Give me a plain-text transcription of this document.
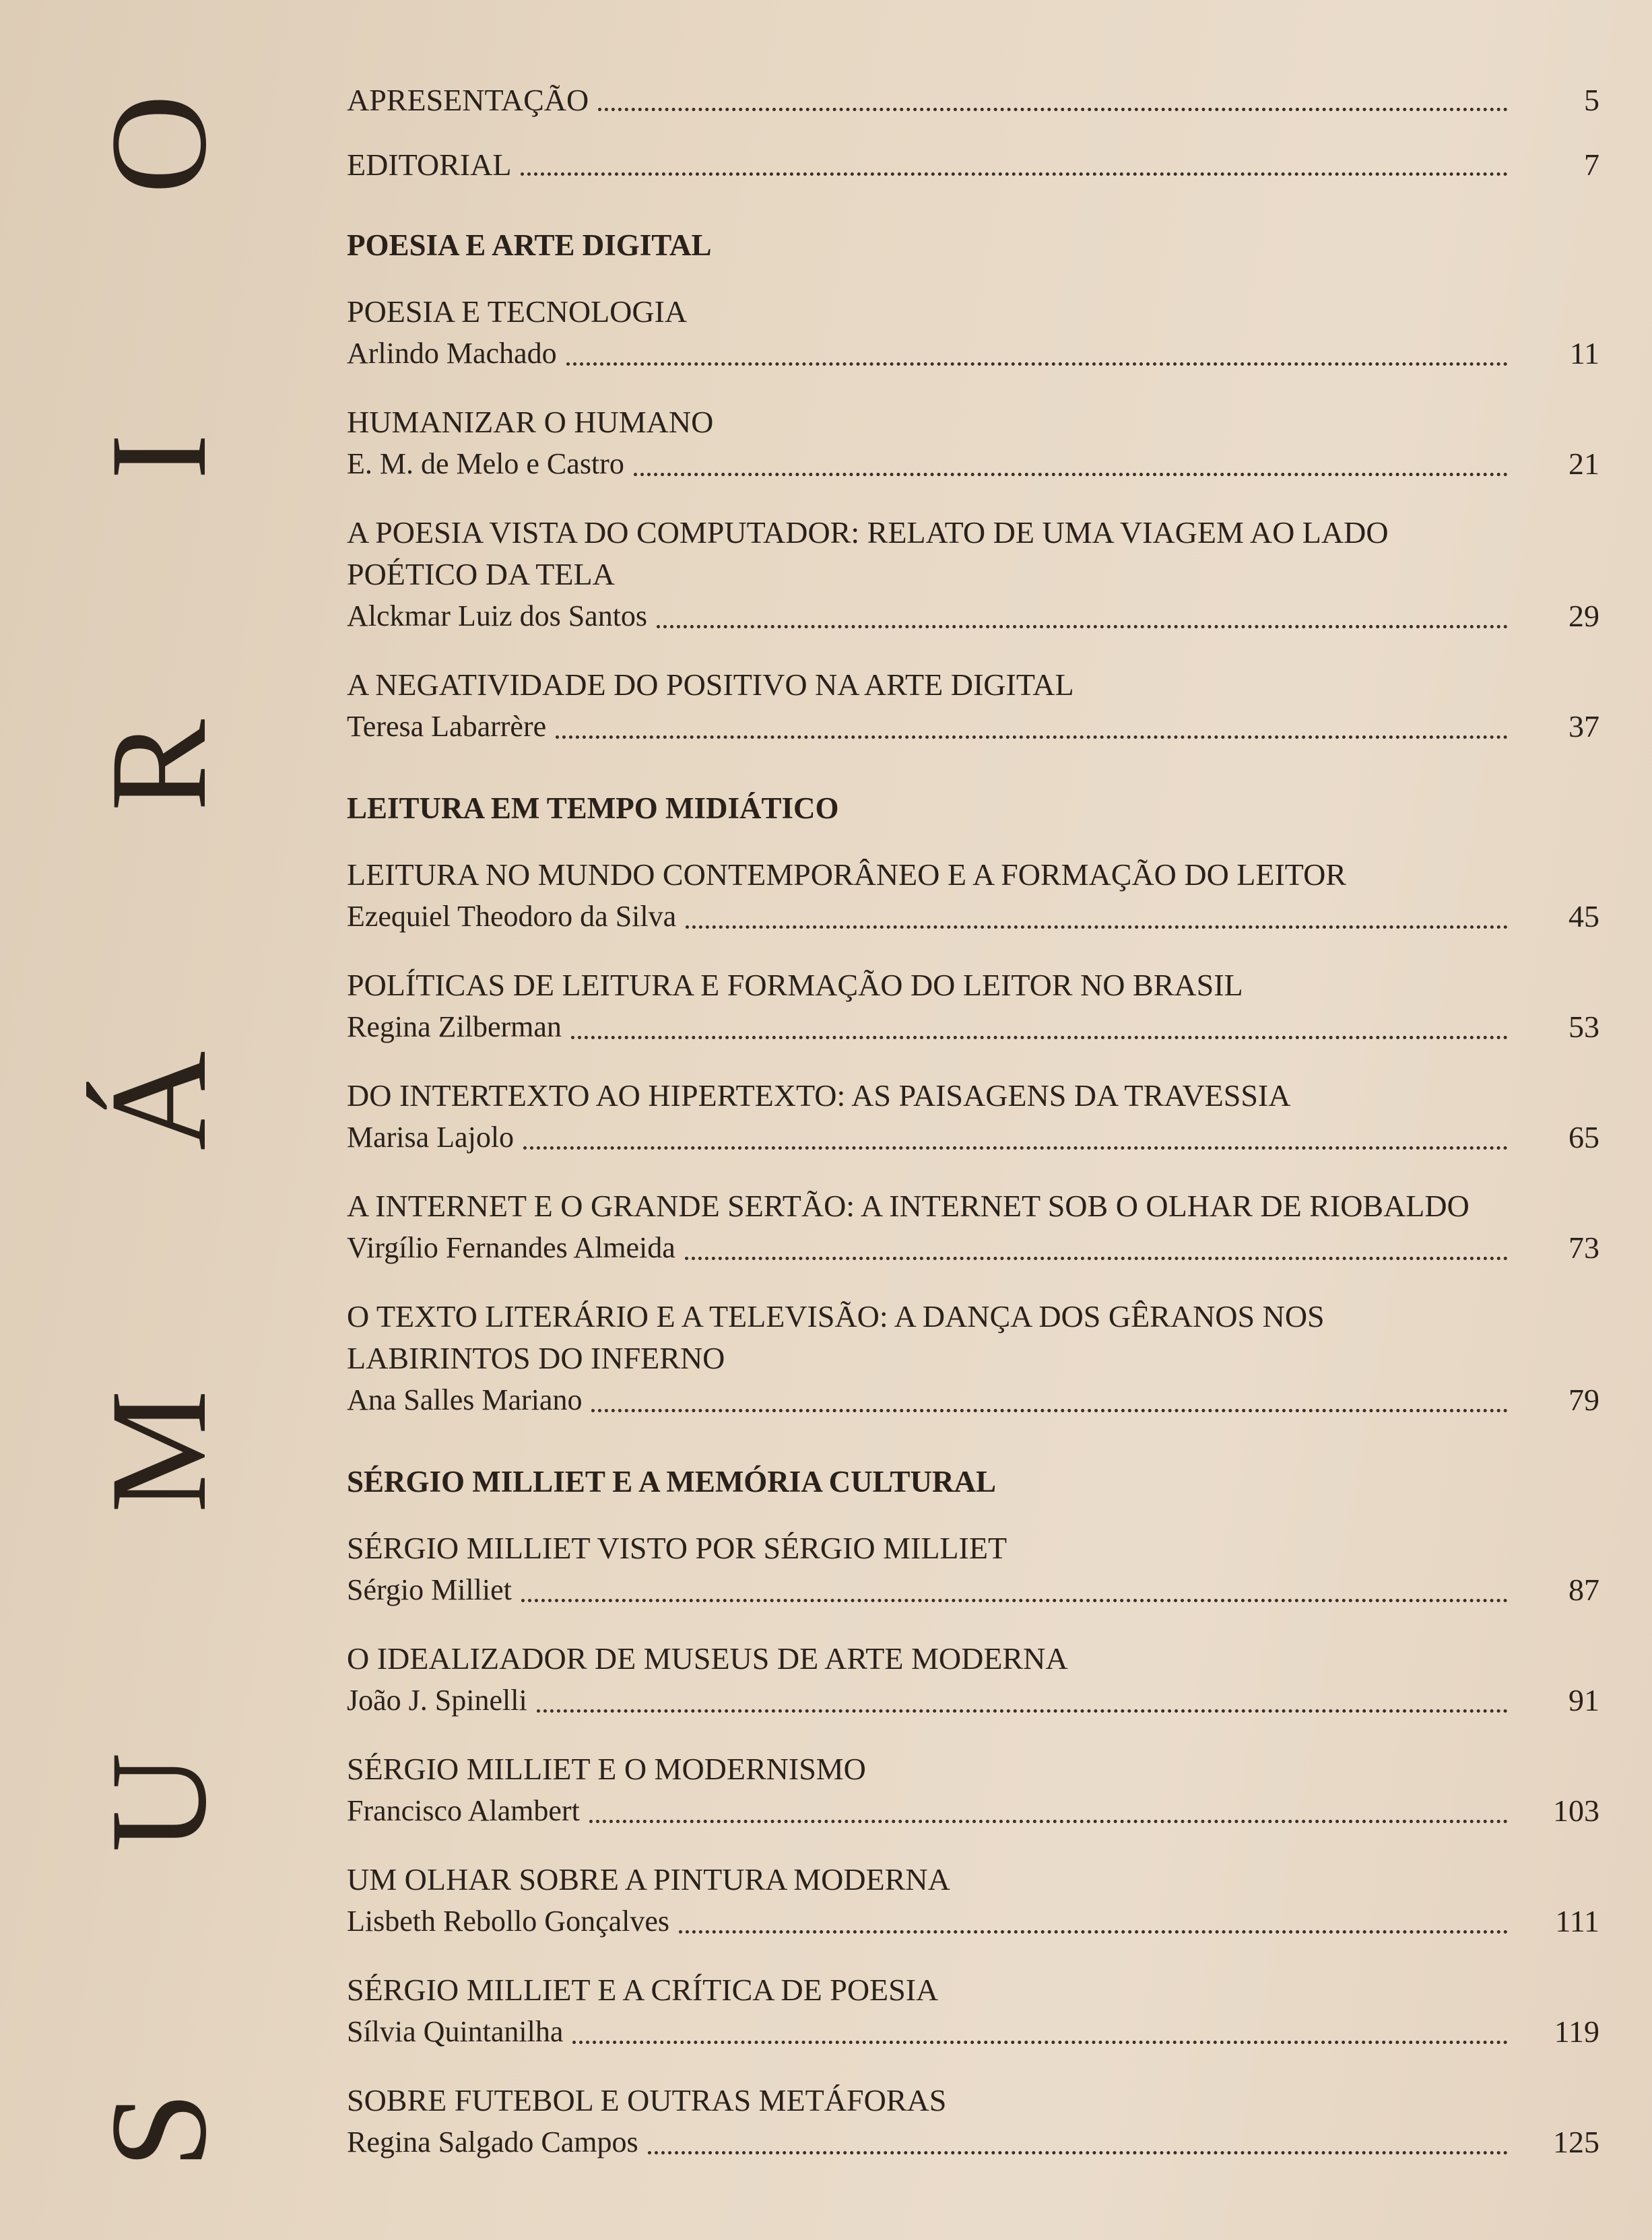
S
U
M
Á
R
I
O	APRESENTAÇÃO	5
EDITORIAL	7
POESIA E ARTE DIGITAL
POESIA E TECNOLOGIA
Arlindo Machado	11
HUMANIZAR O HUMANO
E. M. de Melo e Castro	21
A POESIA VISTA DO COMPUTADOR: RELATO DE UMA VIAGEM AO LADO
POÉTICO DA TELA
Alckmar Luiz dos Santos	29
A NEGATIVIDADE DO POSITIVO NA ARTE DIGITAL
Teresa Labarrère	37
LEITURA EM TEMPO MIDIÁTICO
LEITURA NO MUNDO CONTEMPORÂNEO E A FORMAÇÃO DO LEITOR
Ezequiel Theodoro da Silva	45
POLÍTICAS DE LEITURA E FORMAÇÃO DO LEITOR NO BRASIL
Regina Zilberman	53
DO INTERTEXTO AO HIPERTEXTO: AS PAISAGENS DA TRAVESSIA
Marisa Lajolo	65
A INTERNET E O GRANDE SERTÃO: A INTERNET SOB O OLHAR DE RIOBALDO
Virgílio Fernandes Almeida	73
O TEXTO LITERÁRIO E A TELEVISÃO: A DANÇA DOS GÊRANOS NOS
LABIRINTOS DO INFERNO
Ana Salles Mariano	79
SÉRGIO MILLIET E A MEMÓRIA CULTURAL
SÉRGIO MILLIET VISTO POR SÉRGIO MILLIET
Sérgio Milliet	87
O IDEALIZADOR DE MUSEUS DE ARTE MODERNA
João J. Spinelli	91
SÉRGIO MILLIET E O MODERNISMO
Francisco Alambert	103
UM OLHAR SOBRE A PINTURA MODERNA
Lisbeth Rebollo Gonçalves	111
SÉRGIO MILLIET E A CRÍTICA DE POESIA
Sílvia Quintanilha	119
SOBRE FUTEBOL E OUTRAS METÁFORAS
Regina Salgado Campos	125
